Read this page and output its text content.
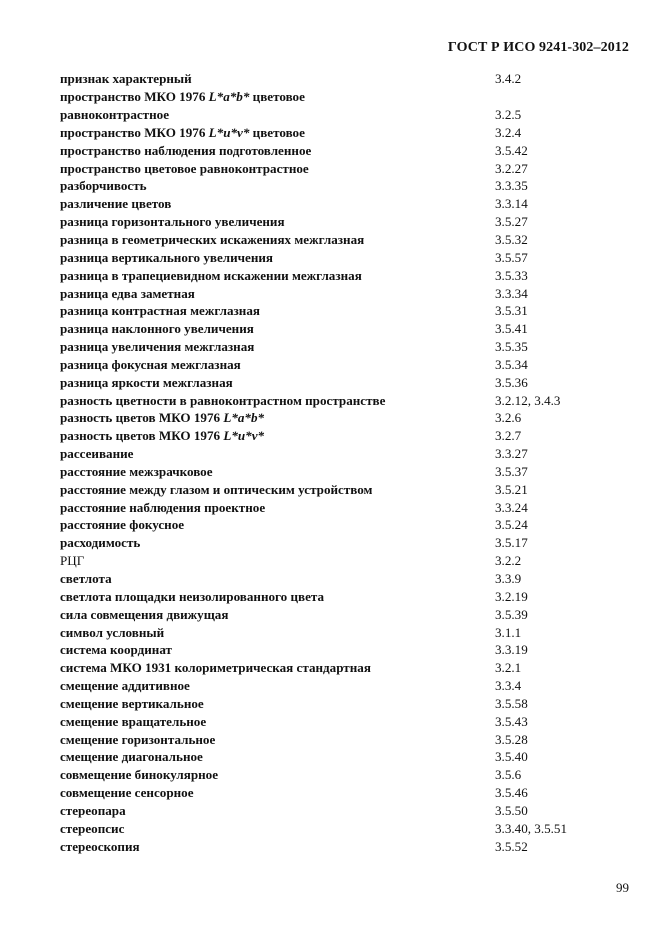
ГОСТ Р ИСО 9241-302–2012
признак характерный	3.4.2
пространство МКО 1976 L*a*b* цветовое
равноконтрастное	3.2.5
пространство МКО 1976 L*u*v* цветовое	3.2.4
пространство наблюдения подготовленное	3.5.42
пространство цветовое равноконтрастное	3.2.27
разборчивость	3.3.35
различение цветов	3.3.14
разница горизонтального увеличения	3.5.27
разница в геометрических искажениях межглазная	3.5.32
разница вертикального увеличения	3.5.57
разница в трапециевидном искажении межглазная	3.5.33
разница едва заметная	3.3.34
разница контрастная межглазная	3.5.31
разница наклонного увеличения	3.5.41
разница увеличения межглазная	3.5.35
разница фокусная межглазная	3.5.34
разница яркости межглазная	3.5.36
разность цветности в равноконтрастном пространстве	3.2.12, 3.4.3
разность цветов МКО 1976 L*a*b*	3.2.6
разность цветов МКО 1976 L*u*v*	3.2.7
рассеивание	3.3.27
расстояние межзрачковое	3.5.37
расстояние между глазом и оптическим устройством	3.5.21
расстояние наблюдения проектное	3.3.24
расстояние фокусное	3.5.24
расходимость	3.5.17
РЦГ	3.2.2
светлота	3.3.9
светлота площадки неизолированного цвета	3.2.19
сила совмещения движущая	3.5.39
символ условный	3.1.1
система координат	3.3.19
система МКО 1931 колориметрическая стандартная	3.2.1
смещение аддитивное	3.3.4
смещение вертикальное	3.5.58
смещение вращательное	3.5.43
смещение горизонтальное	3.5.28
смещение диагональное	3.5.40
совмещение бинокулярное	3.5.6
совмещение сенсорное	3.5.46
стереопара	3.5.50
стереопсис	3.3.40, 3.5.51
стереоскопия	3.5.52
99
